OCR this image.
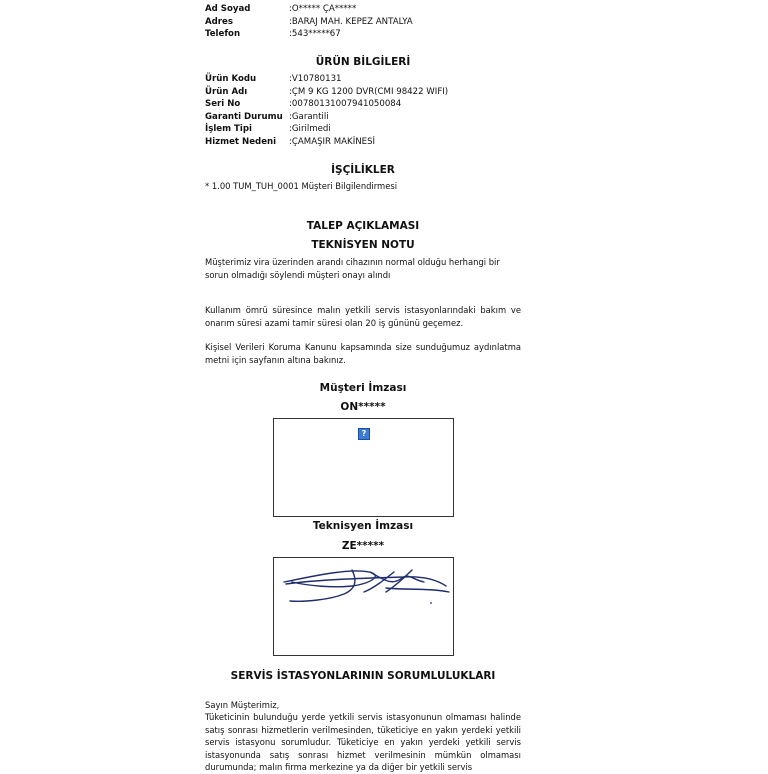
Ad Soyad	:O***** ÇA*****
Adres	:BARAJ MAH. KEPEZ ANTALYA
Telefon	:543*****67
ÜRÜN BİLGİLERİ
Ürün Kodu	:V10780131
Ürün Adı	:ÇM 9 KG 1200 DVR(CMI 98422 WIFI)
Seri No	:00780131007941050084
Garanti Durumu :Garantili
İşlem Tipi	:Girilmedi
Hizmet Nedeni :ÇAMAŞIR MAKİNESİ
İŞÇİLİKLER
* 1.00 TUM_TUH_0001 Müşteri Bilgilendirmesi
TALEP AÇIKLAMASI
TEKNİSYEN NOTU
Müşterimiz vira üzerinden arandı cihazının normal olduğu herhangi bir sorun olmadığı söylendi müşteri onayı alındı

Kullanım ömrü süresince malın yetkili servis istasyonlarındaki bakım ve onarım süresi azami tamir süresi olan 20 iş gününü geçemez.

Kişisel Verileri Koruma Kanunu kapsamında size sunduğumuz aydınlatma metni için sayfanın altına bakınız.

Müşteri İmzası
ON*****
?
Teknisyen İmzası
ZE*****
SERVİS İSTASYONLARININ SORUMLULUKLARI
Sayın Müşterimiz,

Tüketicinin bulunduğu yerde yetkili servis istasyonunun olmaması halinde satış sonrası hizmetlerin verilmesinden, tüketiciye en yakın yerdeki yetkili servis istasyonu sorumludur. Tüketiciye en yakın yerdeki yetkili servis istasyonunda satış sonrası hizmet verilmesinin mümkün olmaması durumunda; malın firma merkezine ya da diğer bir yetkili servis
